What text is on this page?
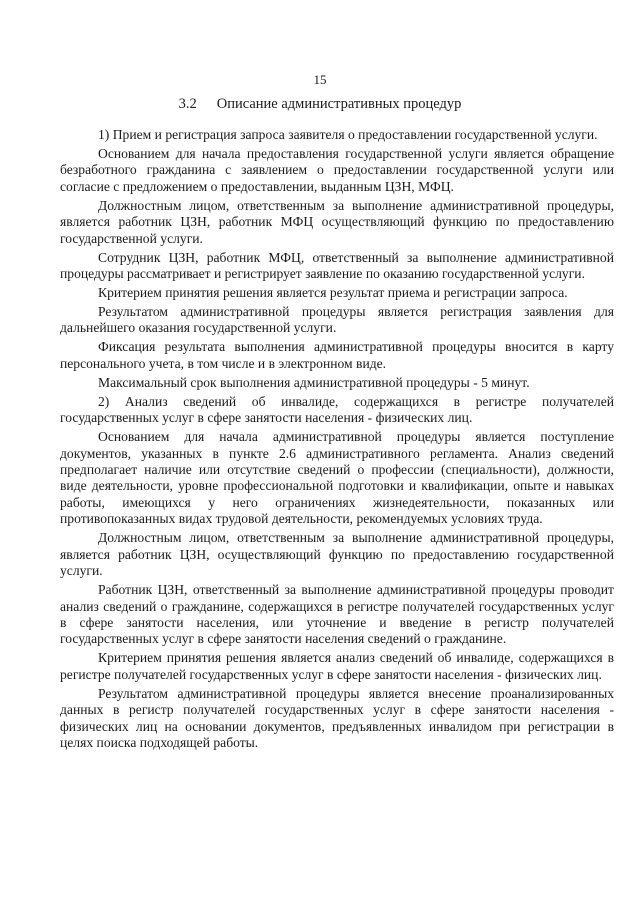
15
3.2 Описание административных процедур

1) Прием и регистрация запроса заявителя о предоставлении государственной услуги.

Основанием для начала предоставления государственной услуги является обращение безработного гражданина с заявлением о предоставлении государственной услуги или согласие с предложением о предоставлении, выданным ЦЗН, МФЦ.

Должностным лицом, ответственным за выполнение административной процедуры, является работник ЦЗН, работник МФЦ осуществляющий функцию по предоставлению государственной услуги.

Сотрудник ЦЗН, работник МФЦ, ответственный за выполнение административной процедуры рассматривает и регистрирует заявление по оказанию государственной услуги.

Критерием принятия решения является результат приема и регистрации запроса.

Результатом административной процедуры является регистрация заявления для дальнейшего оказания государственной услуги.

Фиксация результата выполнения административной процедуры вносится в карту персонального учета, в том числе и в электронном виде.

Максимальный срок выполнения административной процедуры - 5 минут.

2) Анализ сведений об инвалиде, содержащихся в регистре получателей государственных услуг в сфере занятости населения - физических лиц.

Основанием для начала административной процедуры является поступление документов, указанных в пункте 2.6 административного регламента. Анализ сведений предполагает наличие или отсутствие сведений о профессии (специальности), должности, виде деятельности, уровне профессиональной подготовки и квалификации, опыте и навыках работы, имеющихся у него ограничениях жизнедеятельности, показанных или противопоказанных видах трудовой деятельности, рекомендуемых условиях труда.

Должностным лицом, ответственным за выполнение административной процедуры, является работник ЦЗН, осуществляющий функцию по предоставлению государственной услуги.

Работник ЦЗН, ответственный за выполнение административной процедуры проводит анализ сведений о гражданине, содержащихся в регистре получателей государственных услуг в сфере занятости населения, или уточнение и введение в регистр получателей государственных услуг в сфере занятости населения сведений о гражданине.

Критерием принятия решения является анализ сведений об инвалиде, содержащихся в регистре получателей государственных услуг в сфере занятости населения - физических лиц.

Результатом административной процедуры является внесение проанализированных данных в регистр получателей государственных услуг в сфере занятости населения - физических лиц на основании документов, предъявленных инвалидом при регистрации в целях поиска подходящей работы.
